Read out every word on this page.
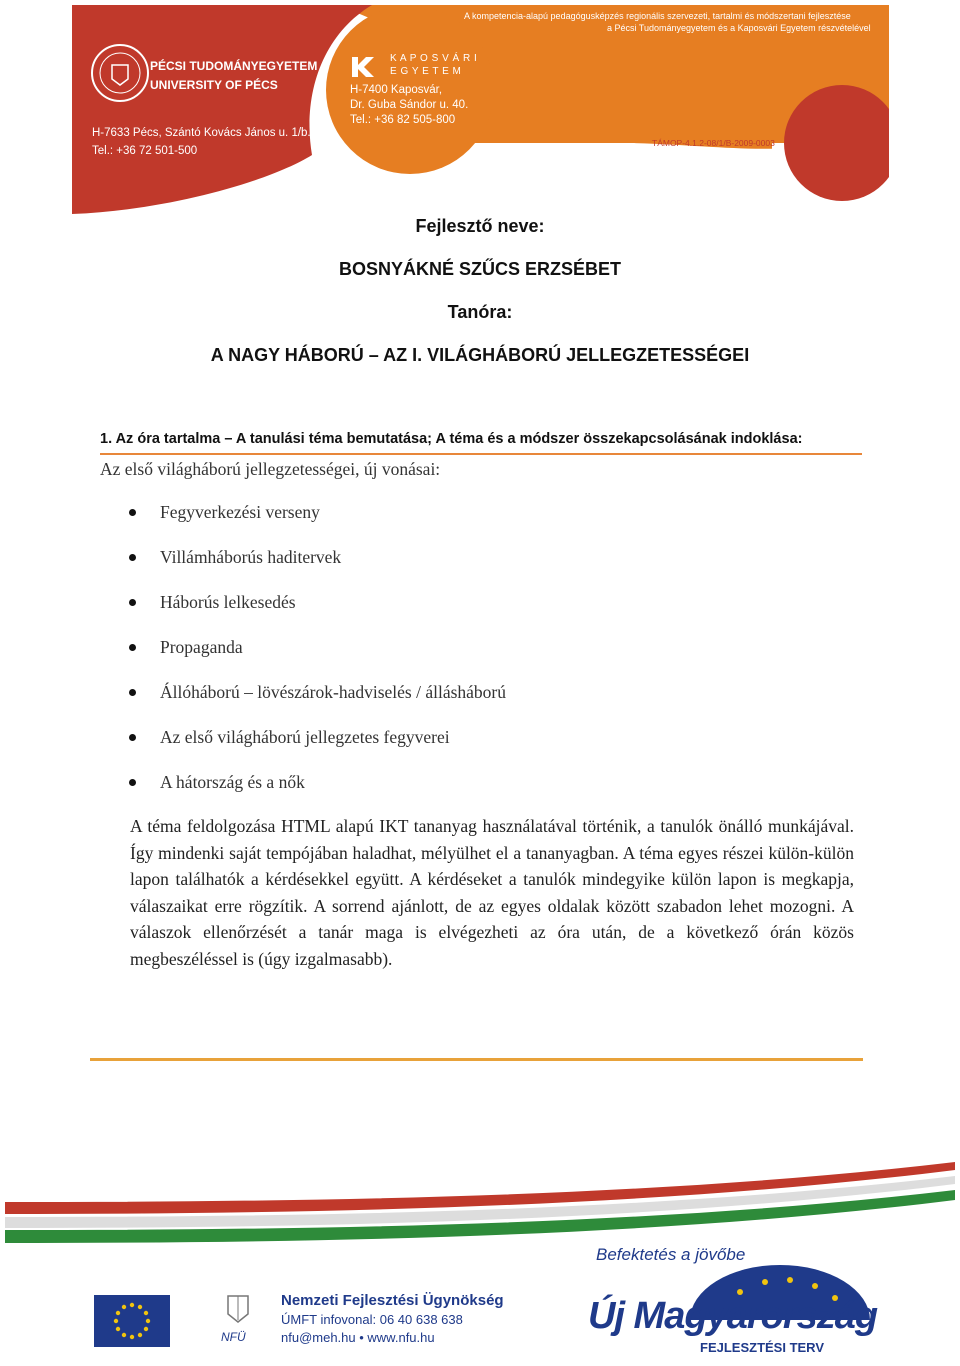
PÉCSI TUDOMÁNYEGYETEM
UNIVERSITY OF PÉCS
H-7633 Pécs, Szántó Kovács János u. 1/b.
Tel.: +36 72 501-500
K A P O S V Á R I
E G Y E T E M
H-7400 Kaposvár,
Dr. Guba Sándor u. 40.
Tel.: +36 82 505-800
A kompetencia-alapú pedagógusképzés regionális szervezeti, tartalmi és módszertani fejlesztése
a Pécsi Tudományegyetem és a Kaposvári Egyetem részvételével
TÁMOP-4.1.2-08/1/B-2009-0003
Fejlesztő neve:
BOSNYÁKNÉ SZŰCS ERZSÉBET
Tanóra:
A NAGY HÁBORÚ – AZ I. VILÁGHÁBORÚ JELLEGZETESSÉGEI
1. Az óra tartalma – A tanulási téma bemutatása; A téma és a módszer összekapcsolásának indoklása:
Az első világháború jellegzetességei, új vonásai:
Fegyverkezési verseny
Villámháborús haditervek
Háborús lelkesedés
Propaganda
Állóháború – lövészárok-hadviselés / állásháború
Az első világháború jellegzetes fegyverei
A hátország és a nők

A téma feldolgozása HTML alapú IKT tananyag használatával történik, a tanulók önálló munkájával. Így mindenki saját tempójában haladhat, mélyülhet el a tananyagban. A téma egyes részei külön-külön lapon találhatók a kérdésekkel együtt. A kérdéseket a tanulók mindegyike külön lapon is megkapja, válaszaikat erre rögzítik. A sorrend ajánlott, de az egyes oldalak között szabadon lehet mozogni. A válaszok ellenőrzését a tanár maga is elvégezheti az óra után, de a következő órán közös megbeszéléssel is (úgy izgalmasabb).

NFÜ
Nemzeti Fejlesztési Ügynökség
ÚMFT infovonal: 06 40 638 638
nfu@meh.hu • www.nfu.hu
Befektetés a jövőbe
Új Magyarország
FEJLESZTÉSI TERV
